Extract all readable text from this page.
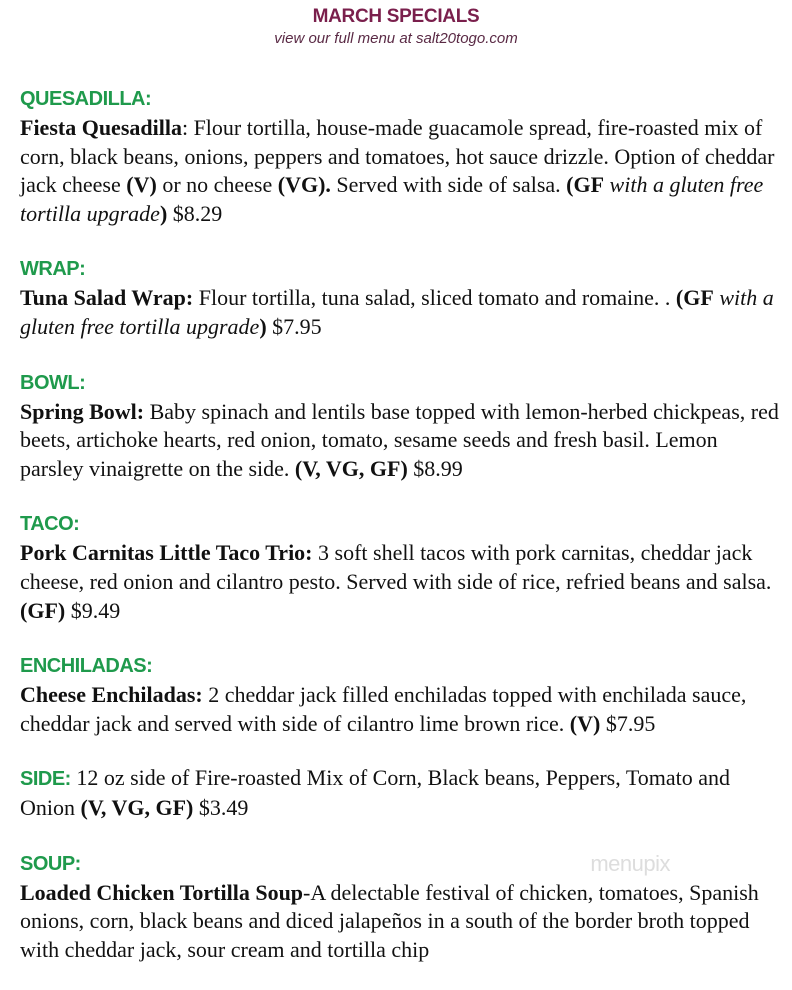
MARCH SPECIALS
view our full menu at salt20togo.com
QUESADILLA:
Fiesta Quesadilla: Flour tortilla, house-made guacamole spread, fire-roasted mix of corn, black beans, onions, peppers and tomatoes, hot sauce drizzle. Option of cheddar jack cheese (V) or no cheese (VG). Served with side of salsa. (GF with a gluten free tortilla upgrade) $8.29
WRAP:
Tuna Salad Wrap: Flour tortilla, tuna salad, sliced tomato and romaine. . (GF with a gluten free tortilla upgrade) $7.95
BOWL:
Spring Bowl: Baby spinach and lentils base topped with lemon-herbed chickpeas, red beets, artichoke hearts, red onion, tomato, sesame seeds and fresh basil. Lemon parsley vinaigrette on the side. (V, VG, GF) $8.99
TACO:
Pork Carnitas Little Taco Trio: 3 soft shell tacos with pork carnitas, cheddar jack cheese, red onion and cilantro pesto. Served with side of rice, refried beans and salsa. (GF) $9.49
ENCHILADAS:
Cheese Enchiladas: 2 cheddar jack filled enchiladas topped with enchilada sauce, cheddar jack and served with side of cilantro lime brown rice. (V) $7.95
SIDE: 12 oz side of Fire-roasted Mix of Corn, Black beans, Peppers, Tomato and Onion (V, VG, GF) $3.49
SOUP:	menupix
Loaded Chicken Tortilla Soup-A delectable festival of chicken, tomatoes, Spanish onions, corn, black beans and diced jalapeños in a south of the border broth topped with cheddar jack, sour cream and tortilla chip
